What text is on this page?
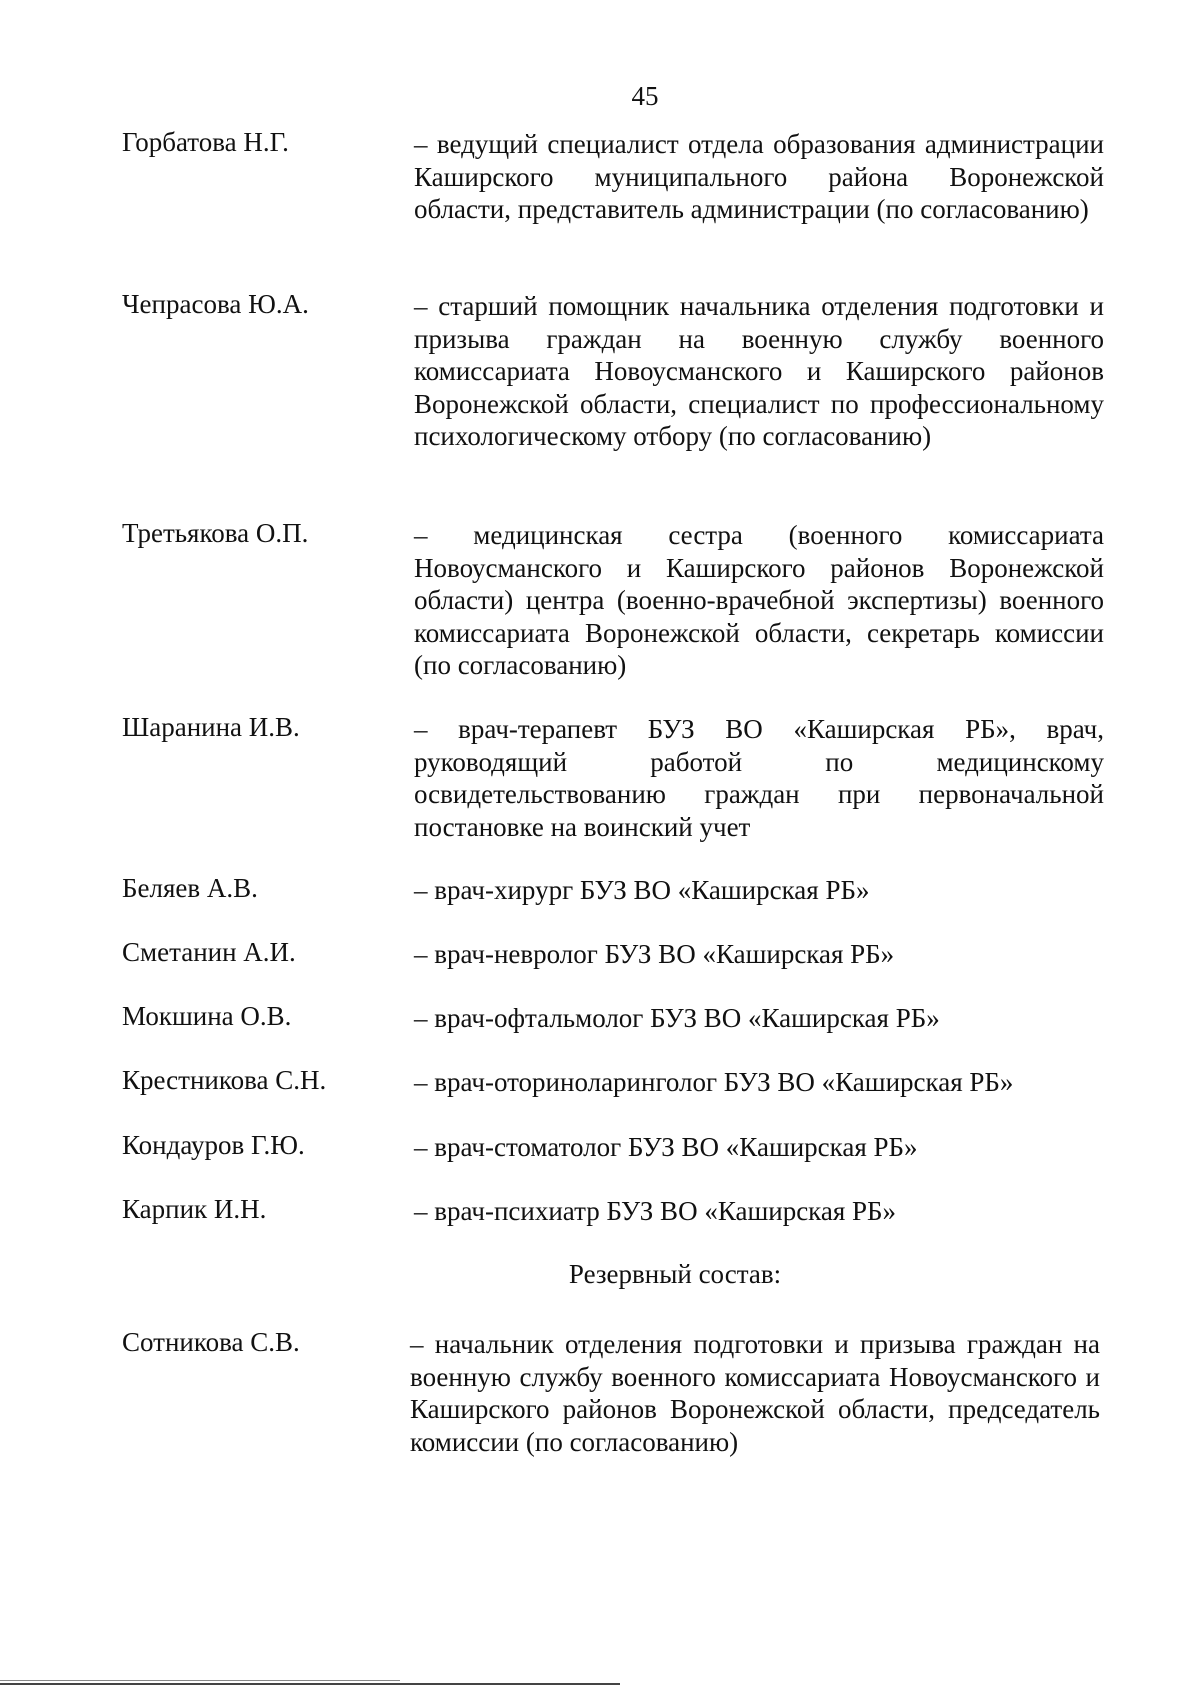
45
Горбатова Н.Г.	– ведущий специалист отдела образования администрации Каширского муниципального района Воронежской области, представитель администрации (по согласованию)
Чепрасова Ю.А.	– старший помощник начальника отделения подготовки и призыва граждан на военную службу военного комиссариата Новоусманского и Каширского районов Воронежской области, специалист по профессиональному психологическому отбору (по согласованию)
Третьякова О.П.	– медицинская сестра (военного комиссариата Новоусманского и Каширского районов Воронежской области) центра (военно-врачебной экспертизы) военного комиссариата Воронежской области, секретарь комиссии (по согласованию)
Шаранина И.В.	– врач-терапевт БУЗ ВО «Каширская РБ», врач, руководящий работой по медицинскому освидетельствованию граждан при первоначальной постановке на воинский учет
Беляев А.В.	– врач-хирург БУЗ ВО «Каширская РБ»
Сметанин А.И.	– врач-невролог БУЗ ВО «Каширская РБ»
Мокшина О.В.	– врач-офтальмолог БУЗ ВО «Каширская РБ»
Крестникова С.Н.	– врач-оториноларинголог БУЗ ВО «Каширская РБ»
Кондауров Г.Ю.	– врач-стоматолог БУЗ ВО «Каширская РБ»
Карпик И.Н.	– врач-психиатр БУЗ ВО «Каширская РБ»
Резервный состав:
Сотникова С.В.	– начальник отделения подготовки и призыва граждан на военную службу военного комиссариата Новоусманского и Каширского районов Воронежской области, председатель комиссии (по согласованию)
